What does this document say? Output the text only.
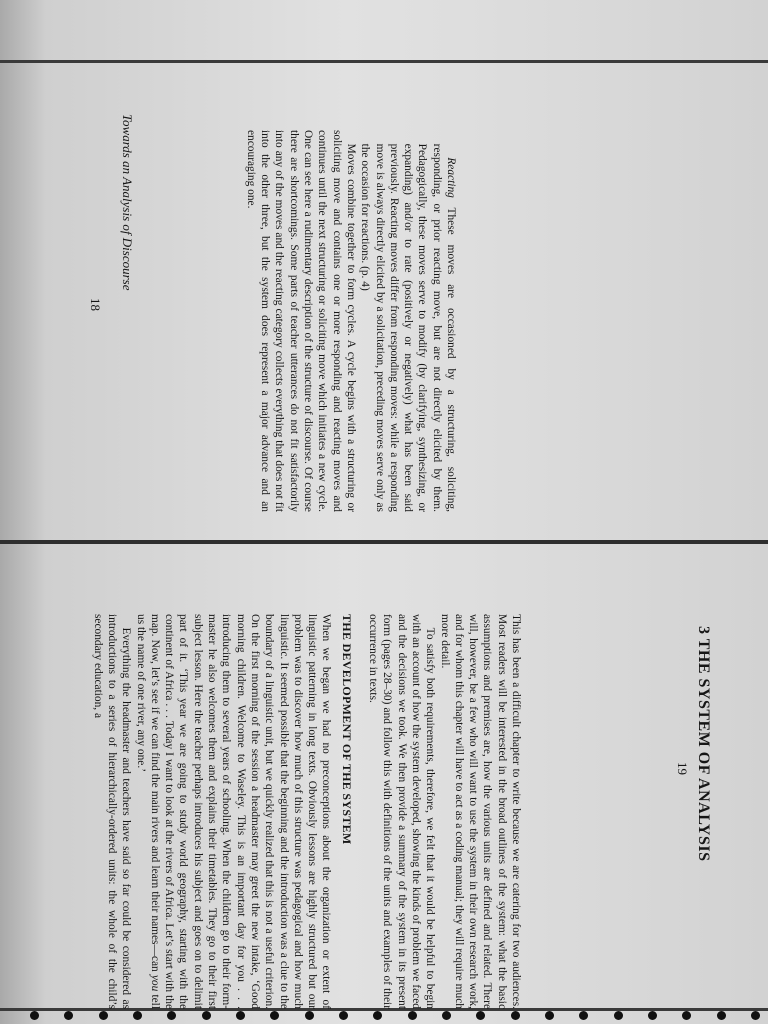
Towards an Analysis of Discourse
18

Reacting These moves are occasioned by a structuring, soliciting, responding, or prior reacting move, but are not directly elicited by them. Pedagogically, these moves serve to modify (by clarifying, synthesizing, or expanding) and/or to rate (positively or negatively) what has been said previously. Reacting moves differ from responding moves: while a responding move is always directly elicited by a solicitation, preceding moves serve only as the occasion for reactions. (p. 4)

Moves combine together to form cycles. A cycle begins with a structuring or soliciting move and contains one or more responding and reacting moves and continues until the next structuring or soliciting move which initiates a new cycle. One can see here a rudimentary description of the structure of discourse. Of course there are shortcomings. Some parts of teacher utterances do not fit satisfactorily into any of the moves and the reacting category collects everything that does not fit into the other three, but the system does represent a major advance and an encouraging one.

3 THE SYSTEM OF ANALYSIS
19

This has been a difficult chapter to write because we are catering for two audiences. Most readers will be interested in the broad outlines of the system: what the basic assumptions and premises are, how the various units are defined and related. There will, however, be a few who will want to use the system in their own research work, and for whom this chapter will have to act as a coding manual; they will require much more detail.

To satisfy both requirements, therefore, we felt that it would be helpful to begin with an account of how the system developed, showing the kinds of problem we faced and the decisions we took. We then provide a summary of the system in its present form (pages 28–30) and follow this with definitions of the units and examples of their occurrence in texts.

THE DEVELOPMENT OF THE SYSTEM

When we began we had no preconceptions about the organization or extent of linguistic patterning in long texts. Obviously lessons are highly structured but our problem was to discover how much of this structure was pedagogical and how much linguistic. It seemed possible that the beginning and the introduction was a clue to the boundary of a linguistic unit, but we quickly realized that this is not a useful criterion. On the first morning of the session a headmaster may greet the new intake, ‘Good morning children. Welcome to Waseley. This is an important day for you . . . introducing them to several years of schooling. When the children go to their form-master he also welcomes them and explains their timetables. They go to their first subject lesson. Here the teacher perhaps introduces his subject and goes on to delimit part of it. ‘This year we are going to study world geography, starting with the continent of Africa . . . Today I want to look at the rivers of Africa. Let’s start with the map. Now, let’s see if we can find the main rivers and learn their names—can you tell us the name of one river, any one.’

Everything the headmaster and teachers have said so far could be considered as introductions to a series of hierarchically-ordered units: the whole of the child’s secondary education, a
